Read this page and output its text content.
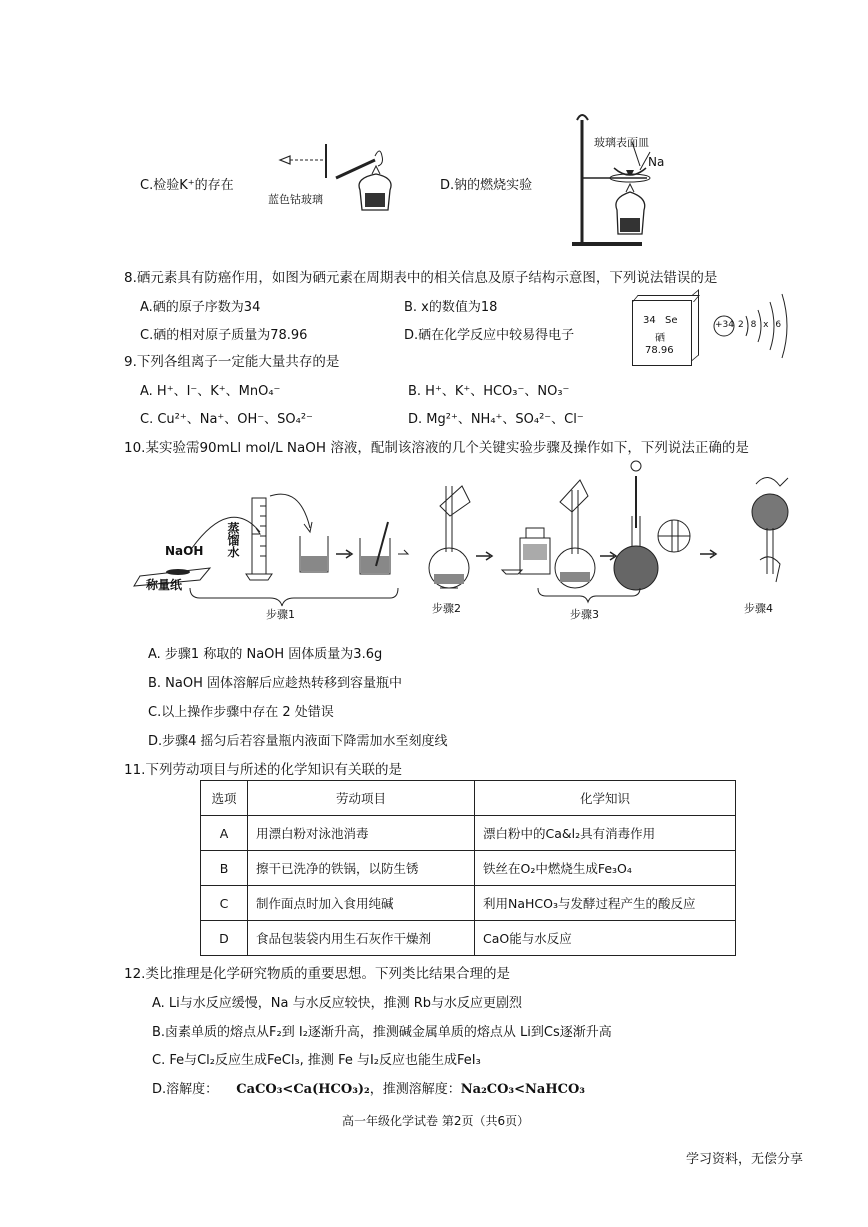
C.检验K⁺的存在
蓝色钴玻璃
D.钠的燃烧实验
玻璃表面皿
Na
8.硒元素具有防癌作用，如图为硒元素在周期表中的相关信息及原子结构示意图，下列说法错误的是
A.硒的原子序数为34	B. x的数值为18
C.硒的相对原子质量为78.96	D.硒在化学反应中较易得电子
34 Se
硒
78.96
+34 2 8 x 6
9.下列各组离子一定能大量共存的是
A. H⁺、I⁻、K⁺、MnO₄⁻	B. H⁺、K⁺、HCO₃⁻、NO₃⁻
C. Cu²⁺、Na⁺、OH⁻、SO₄²⁻	D. Mg²⁺、NH₄⁺、SO₄²⁻、Cl⁻
10.某实验需90mLl mol/L NaOH 溶液，配制该溶液的几个关键实验步骤及操作如下，下列说法正确的是
NaOH
称量纸
蒸馏水
步骤1	步骤2	步骤3	步骤4
A. 步骤1 称取的 NaOH 固体质量为3.6g
B. NaOH 固体溶解后应趁热转移到容量瓶中
C.以上操作步骤中存在 2 处错误
D.步骤4 摇匀后若容量瓶内液面下降需加水至刻度线
11.下列劳动项目与所述的化学知识有关联的是
选项	劳动项目	化学知识
A	用漂白粉对泳池消毒	漂白粉中的Ca&l₂具有消毒作用
B	擦干已洗净的铁锅，以防生锈	铁丝在O₂中燃烧生成Fe₃O₄
C	制作面点时加入食用纯碱	利用NaHCO₃与发酵过程产生的酸反应
D	食品包装袋内用生石灰作干燥剂	CaO能与水反应
12.类比推理是化学研究物质的重要思想。下列类比结果合理的是
A. Li与水反应缓慢，Na 与水反应较快，推测 Rb与水反应更剧烈
B.卤素单质的熔点从F₂到 I₂逐渐升高，推测碱金属单质的熔点从 Li到Cs逐渐升高
C. Fe与Cl₂反应生成FeCl₃, 推测 Fe 与I₂反应也能生成FeI₃
D.溶解度： CaCO₃<Ca(HCO₃)₂，推测溶解度：Na₂CO₃<NaHCO₃
高一年级化学试卷 第2页（共6页）
学习资料，无偿分享
